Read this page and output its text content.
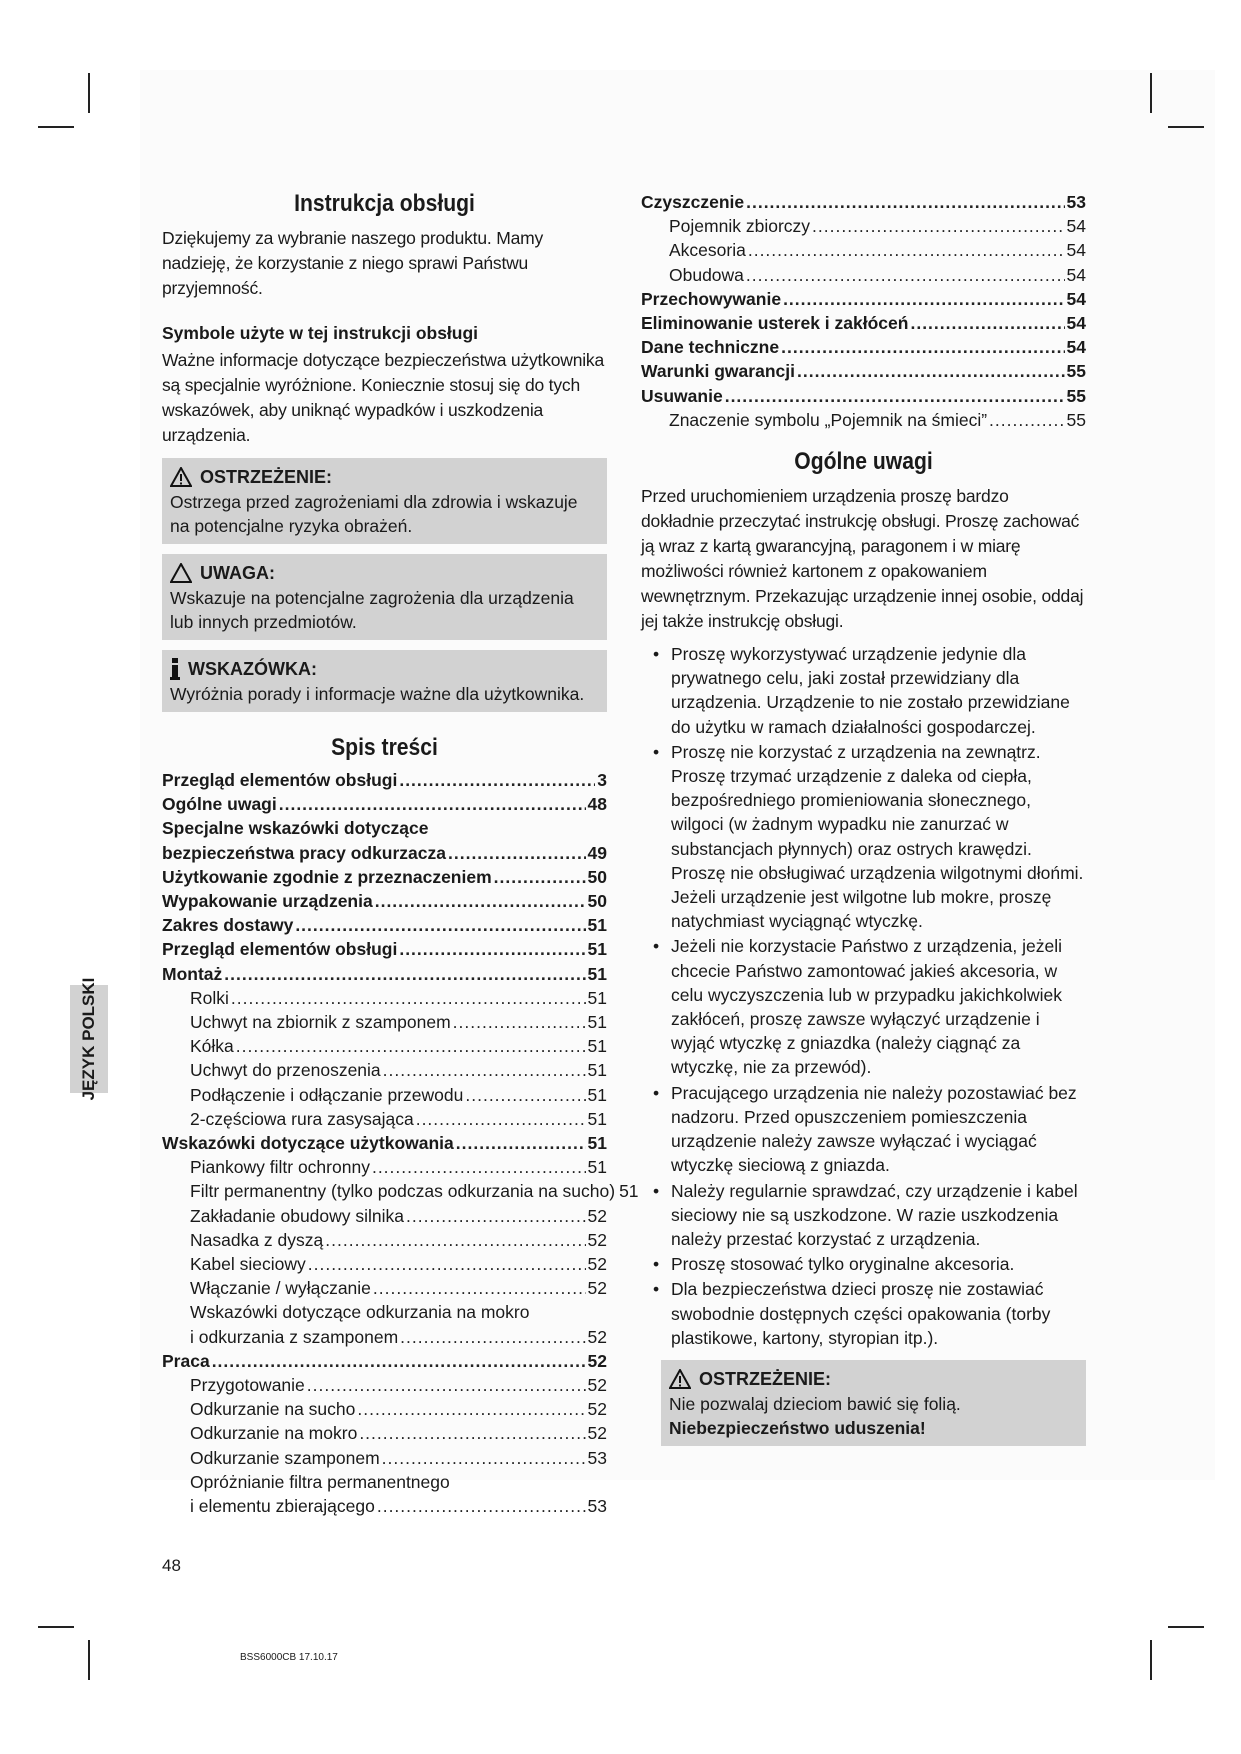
Instrukcja obsługi

Dziękujemy za wybranie naszego produktu. Mamy nadzieję, że korzystanie z niego sprawi Państwu przyjemność.

Symbole użyte w tej instrukcji obsługi

Ważne informacje dotyczące bezpieczeństwa użytkownika są specjalnie wyróżnione. Koniecznie stosuj się do tych wskazówek, aby uniknąć wypadków i uszkodzenia urządzenia.

OSTRZEŻENIE:
Ostrzega przed zagrożeniami dla zdrowia i wskazuje na potencjalne ryzyka obrażeń.
UWAGA:
Wskazuje na potencjalne zagrożenia dla urządzenia lub innych przedmiotów.
WSKAZÓWKA:
Wyróżnia porady i informacje ważne dla użytkownika.
Spis treści
Przegląd elementów obsługi .....	3
Ogólne uwagi .....	48
Specjalne wskazówki dotyczące
bezpieczeństwa pracy odkurzacza .....	49
Użytkowanie zgodnie z przeznaczeniem .....	50
Wypakowanie urządzenia .....	50
Zakres dostawy .....	51
Przegląd elementów obsługi .....	51
Montaż .....	51
Rolki .....	51
Uchwyt na zbiornik z szamponem .....	51
Kółka .....	51
Uchwyt do przenoszenia .....	51
Podłączenie i odłączanie przewodu .....	51
2-częściowa rura zasysająca .....	51
Wskazówki dotyczące użytkowania .....	51
Piankowy filtr ochronny .....	51
Filtr permanentny (tylko podczas odkurzania na sucho) 51
Zakładanie obudowy silnika .....	52
Nasadka z dyszą .....	52
Kabel sieciowy .....	52
Włączanie / wyłączanie .....	52
Wskazówki dotyczące odkurzania na mokro
i odkurzania z szamponem .....	52
Praca .....	52
Przygotowanie .....	52
Odkurzanie na sucho .....	52
Odkurzanie na mokro .....	52
Odkurzanie szamponem .....	53
Opróżnianie filtra permanentnego
i elementu zbierającego .....	53
Czyszczenie .....	53
Pojemnik zbiorczy .....	54
Akcesoria .....	54
Obudowa .....	54
Przechowywanie .....	54
Eliminowanie usterek i zakłóceń .....	54
Dane techniczne .....	54
Warunki gwarancji .....	55
Usuwanie .....	55
Znaczenie symbolu „Pojemnik na śmieci” .....	55
Ogólne uwagi

Przed uruchomieniem urządzenia proszę bardzo dokładnie przeczytać instrukcję obsługi. Proszę zachować ją wraz z kartą gwarancyjną, paragonem i w miarę możliwości również kartonem z opakowaniem wewnętrznym. Przekazując urządzenie innej osobie, oddaj jej także instrukcję obsługi.

• Proszę wykorzystywać urządzenie jedynie dla prywatnego celu, jaki został przewidziany dla urządzenia. Urządzenie to nie zostało przewidziane do użytku w ramach działalności gospodarczej.
• Proszę nie korzystać z urządzenia na zewnątrz. Proszę trzymać urządzenie z daleka od ciepła, bezpośredniego promieniowania słonecznego, wilgoci (w żadnym wypadku nie zanurzać w substancjach płynnych) oraz ostrych krawędzi. Proszę nie obsługiwać urządzenia wilgotnymi dłońmi. Jeżeli urządzenie jest wilgotne lub mokre, proszę natychmiast wyciągnąć wtyczkę.
• Jeżeli nie korzystacie Państwo z urządzenia, jeżeli chcecie Państwo zamontować jakieś akcesoria, w celu wyczyszczenia lub w przypadku jakichkolwiek zakłóceń, proszę zawsze wyłączyć urządzenie i wyjąć wtyczkę z gniazdka (należy ciągnąć za wtyczkę, nie za przewód).
• Pracującego urządzenia nie należy pozostawiać bez nadzoru. Przed opuszczeniem pomieszczenia urządzenie należy zawsze wyłączać i wyciągać wtyczkę sieciową z gniazda.
• Należy regularnie sprawdzać, czy urządzenie i kabel sieciowy nie są uszkodzone. W razie uszkodzenia należy przestać korzystać z urządzenia.
• Proszę stosować tylko oryginalne akcesoria.
• Dla bezpieczeństwa dzieci proszę nie zostawiać swobodnie dostępnych części opakowania (torby plastikowe, kartony, styropian itp.).
OSTRZEŻENIE:
Nie pozwalaj dzieciom bawić się folią.
Niebezpieczeństwo uduszenia!
JĘZYK POLSKI
48
BSS6000CB 17.10.17
